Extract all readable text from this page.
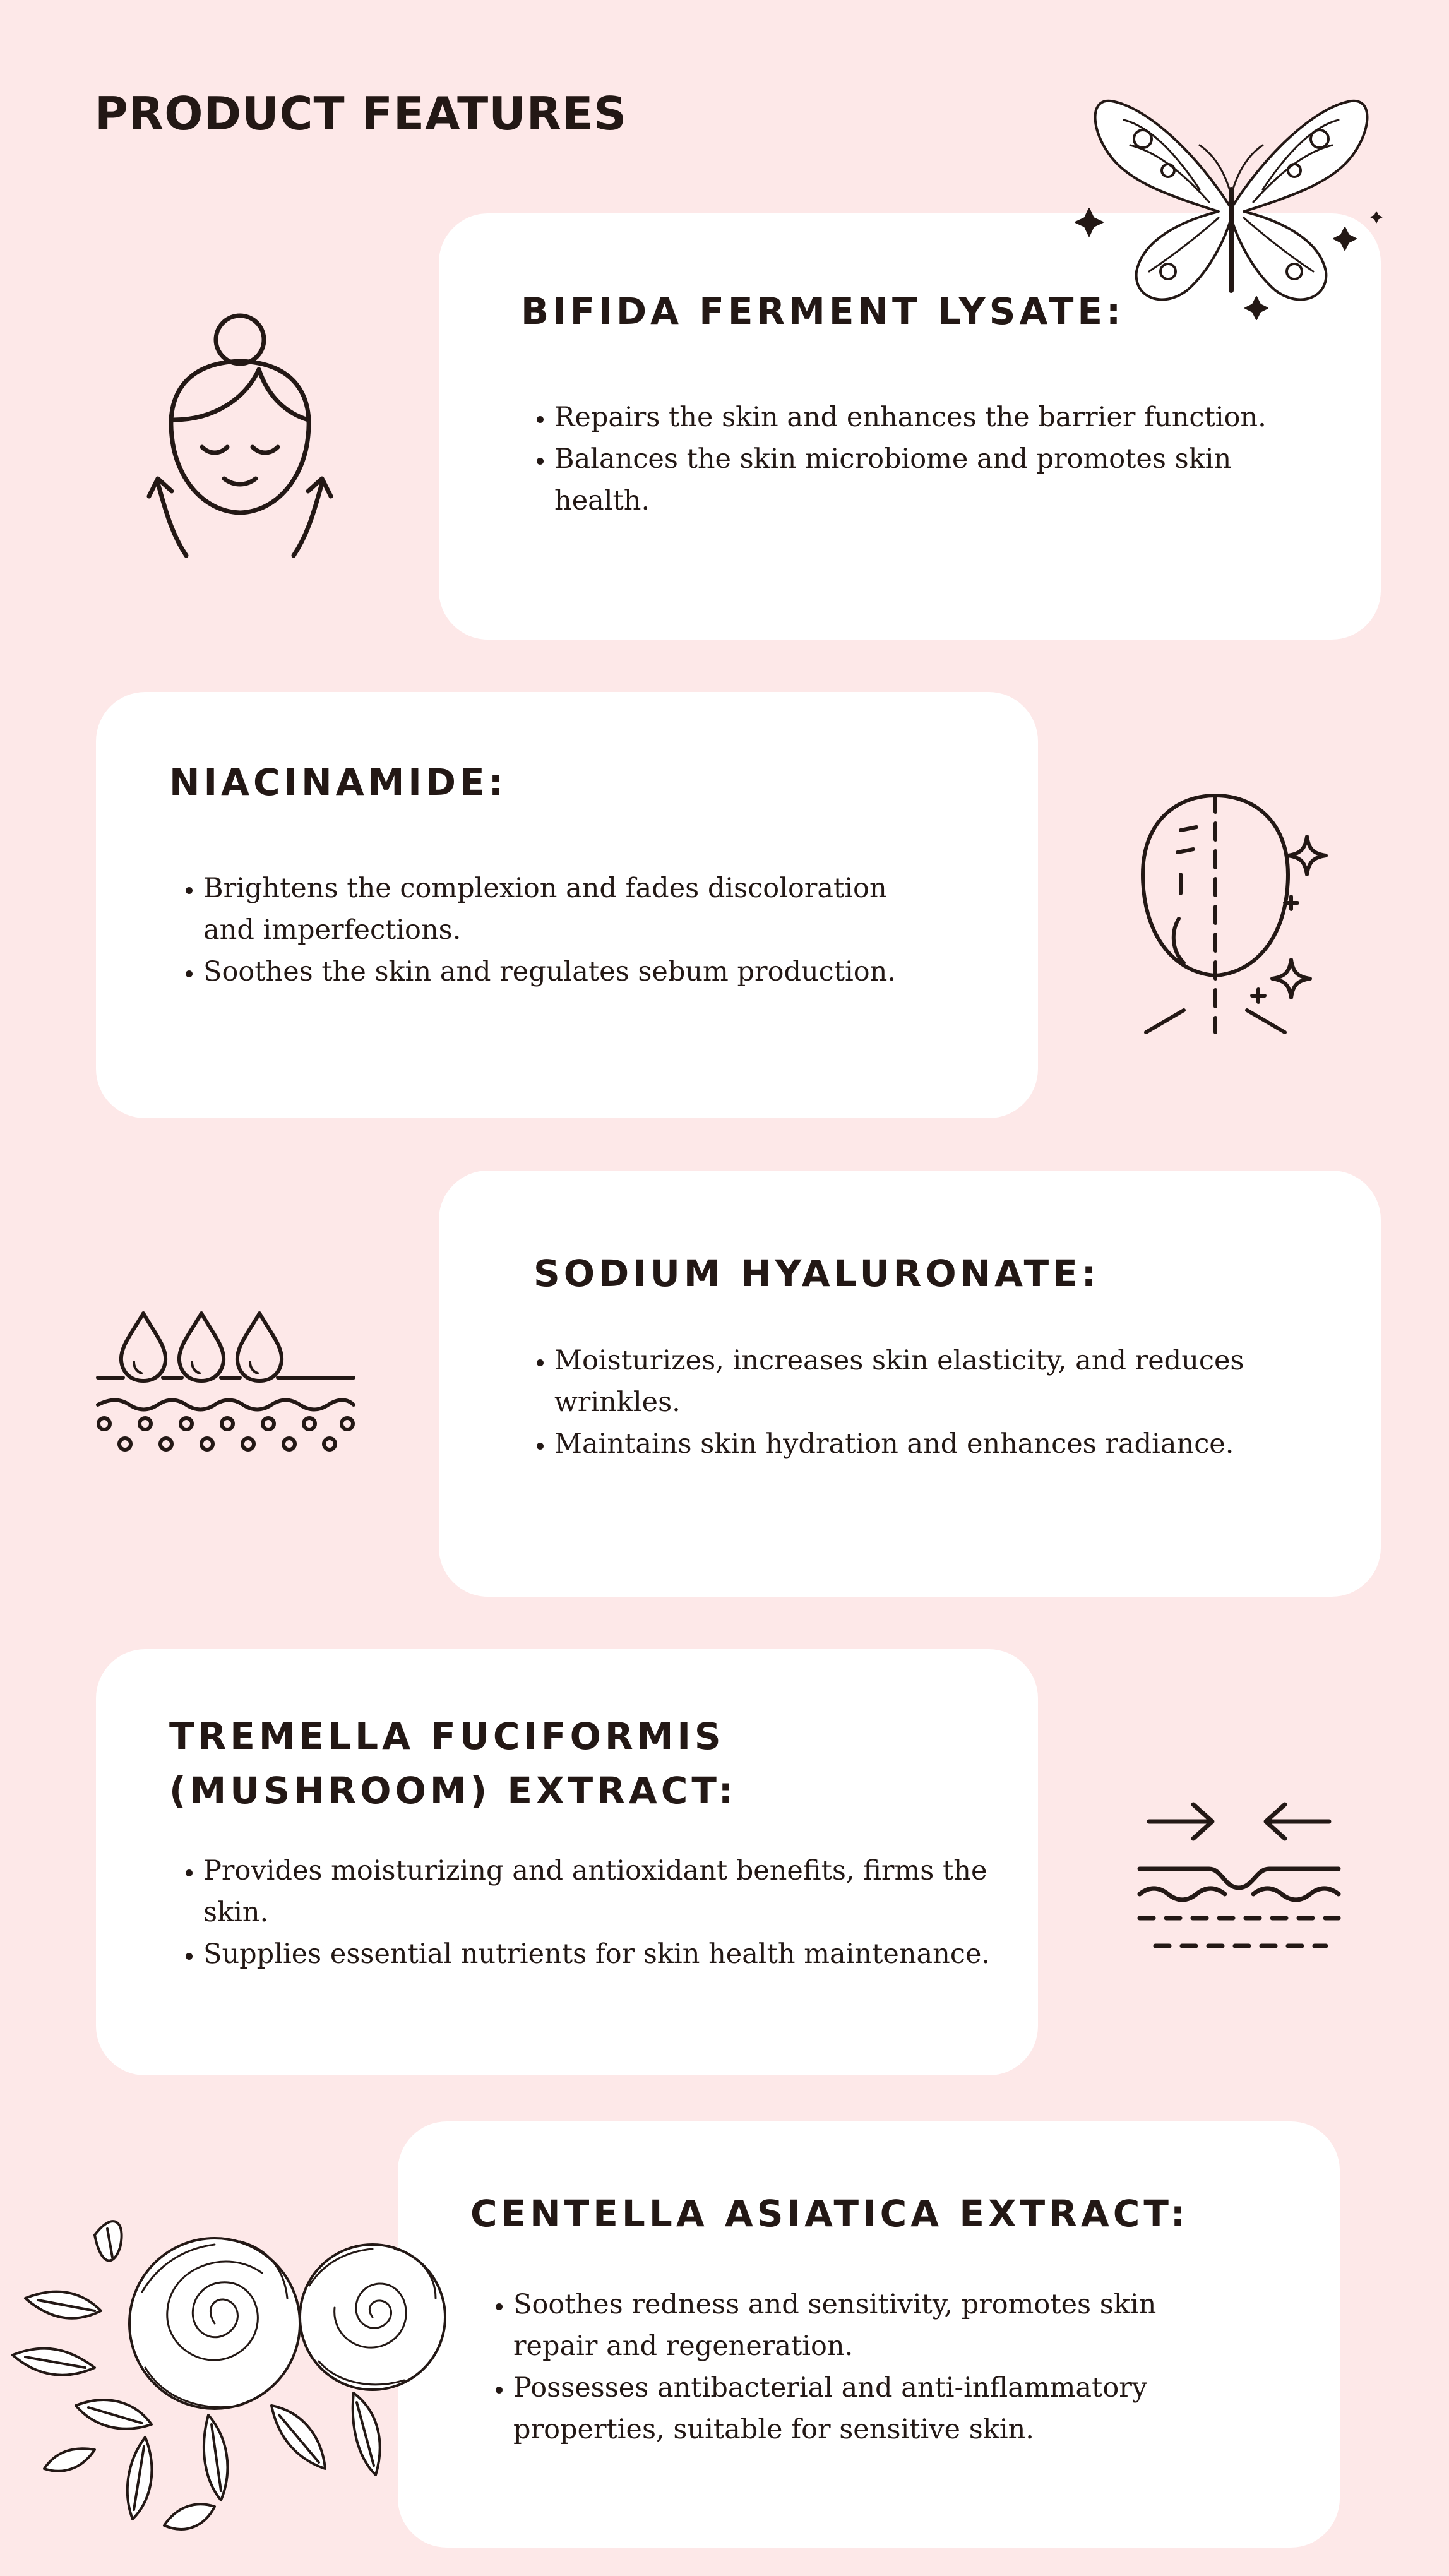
PRODUCT FEATURES
BIFIDA FERMENT LYSATE:
• Repairs the skin and enhances the barrier function.
• Balances the skin microbiome and promotes skin health.
NIACINAMIDE:
• Brightens the complexion and fades discoloration and imperfections.
• Soothes the skin and regulates sebum production.
SODIUM HYALURONATE:
• Moisturizes, increases skin elasticity, and reduces wrinkles.
• Maintains skin hydration and enhances radiance.
TREMELLA FUCIFORMIS (MUSHROOM) EXTRACT:
• Provides moisturizing and antioxidant benefits, firms the skin.
• Supplies essential nutrients for skin health maintenance.
CENTELLA ASIATICA EXTRACT:
• Soothes redness and sensitivity, promotes skin repair and regeneration.
• Possesses antibacterial and anti-inflammatory properties, suitable for sensitive skin.
